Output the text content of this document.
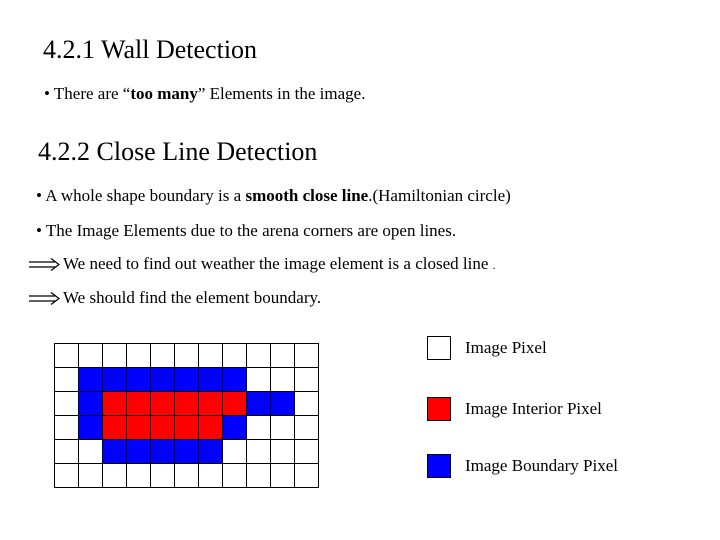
4.2.1 Wall Detection
• There are “too many” Elements in the image.
4.2.2 Close Line Detection
• A whole shape boundary is a smooth close line.(Hamiltonian circle)
• The Image Elements due to the arena corners are open lines.
We need to find out weather the image element is a closed line .
We should find the element boundary.
Image Pixel
Image Interior Pixel
Image Boundary Pixel
